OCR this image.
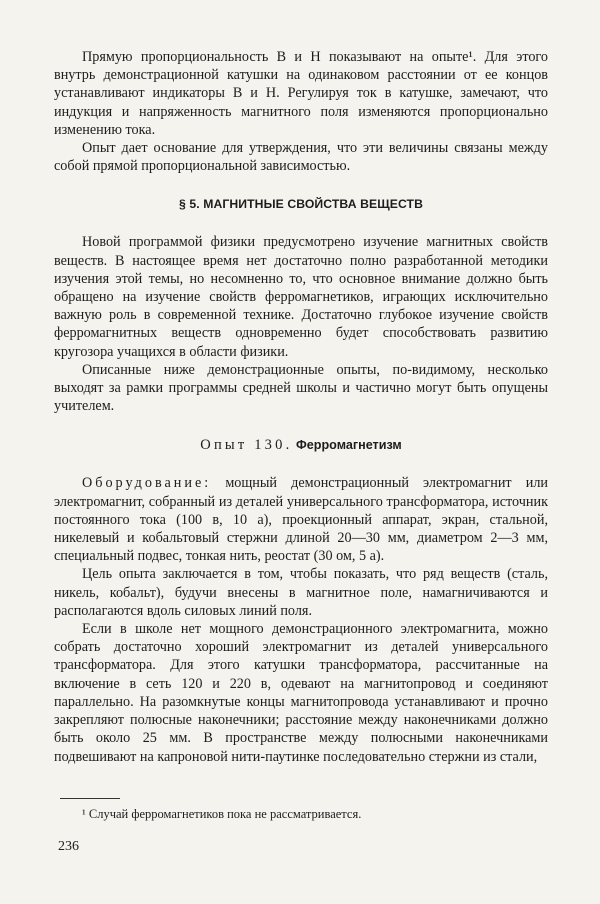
Прямую пропорциональность B и H показывают на опыте¹. Для этого внутрь демонстрационной катушки на одинаковом расстоянии от ее концов устанавливают индикаторы B и H. Регулируя ток в катушке, замечают, что индукция и напряженность магнитного поля изменяются пропорционально изменению тока.

Опыт дает основание для утверждения, что эти величины связаны между собой прямой пропорциональной зависимостью.

§ 5. МАГНИТНЫЕ СВОЙСТВА ВЕЩЕСТВ

Новой программой физики предусмотрено изучение магнитных свойств веществ. В настоящее время нет достаточно полно разработанной методики изучения этой темы, но несомненно то, что основное внимание должно быть обращено на изучение свойств ферромагнетиков, играющих исключительно важную роль в современной технике. Достаточно глубокое изучение свойств ферромагнитных веществ одновременно будет способствовать развитию кругозора учащихся в области физики.

Описанные ниже демонстрационные опыты, по-видимому, несколько выходят за рамки программы средней школы и частично могут быть опущены учителем.

Опыт 130. Ферромагнетизм

Оборудование: мощный демонстрационный электромагнит или электромагнит, собранный из деталей универсального трансформатора, источник постоянного тока (100 в, 10 а), проекционный аппарат, экран, стальной, никелевый и кобальтовый стержни длиной 20—30 мм, диаметром 2—3 мм, специальный подвес, тонкая нить, реостат (30 ом, 5 а).

Цель опыта заключается в том, чтобы показать, что ряд веществ (сталь, никель, кобальт), будучи внесены в магнитное поле, намагничиваются и располагаются вдоль силовых линий поля.

Если в школе нет мощного демонстрационного электромагнита, можно собрать достаточно хороший электромагнит из деталей универсального трансформатора. Для этого катушки трансформатора, рассчитанные на включение в сеть 120 и 220 в, одевают на магнитопровод и соединяют параллельно. На разомкнутые концы магнитопровода устанавливают и прочно закрепляют полюсные наконечники; расстояние между наконечниками должно быть около 25 мм. В пространстве между полюсными наконечниками подвешивают на капроновой нити-паутинке последовательно стержни из стали,

¹ Случай ферромагнетиков пока не рассматривается.
236
